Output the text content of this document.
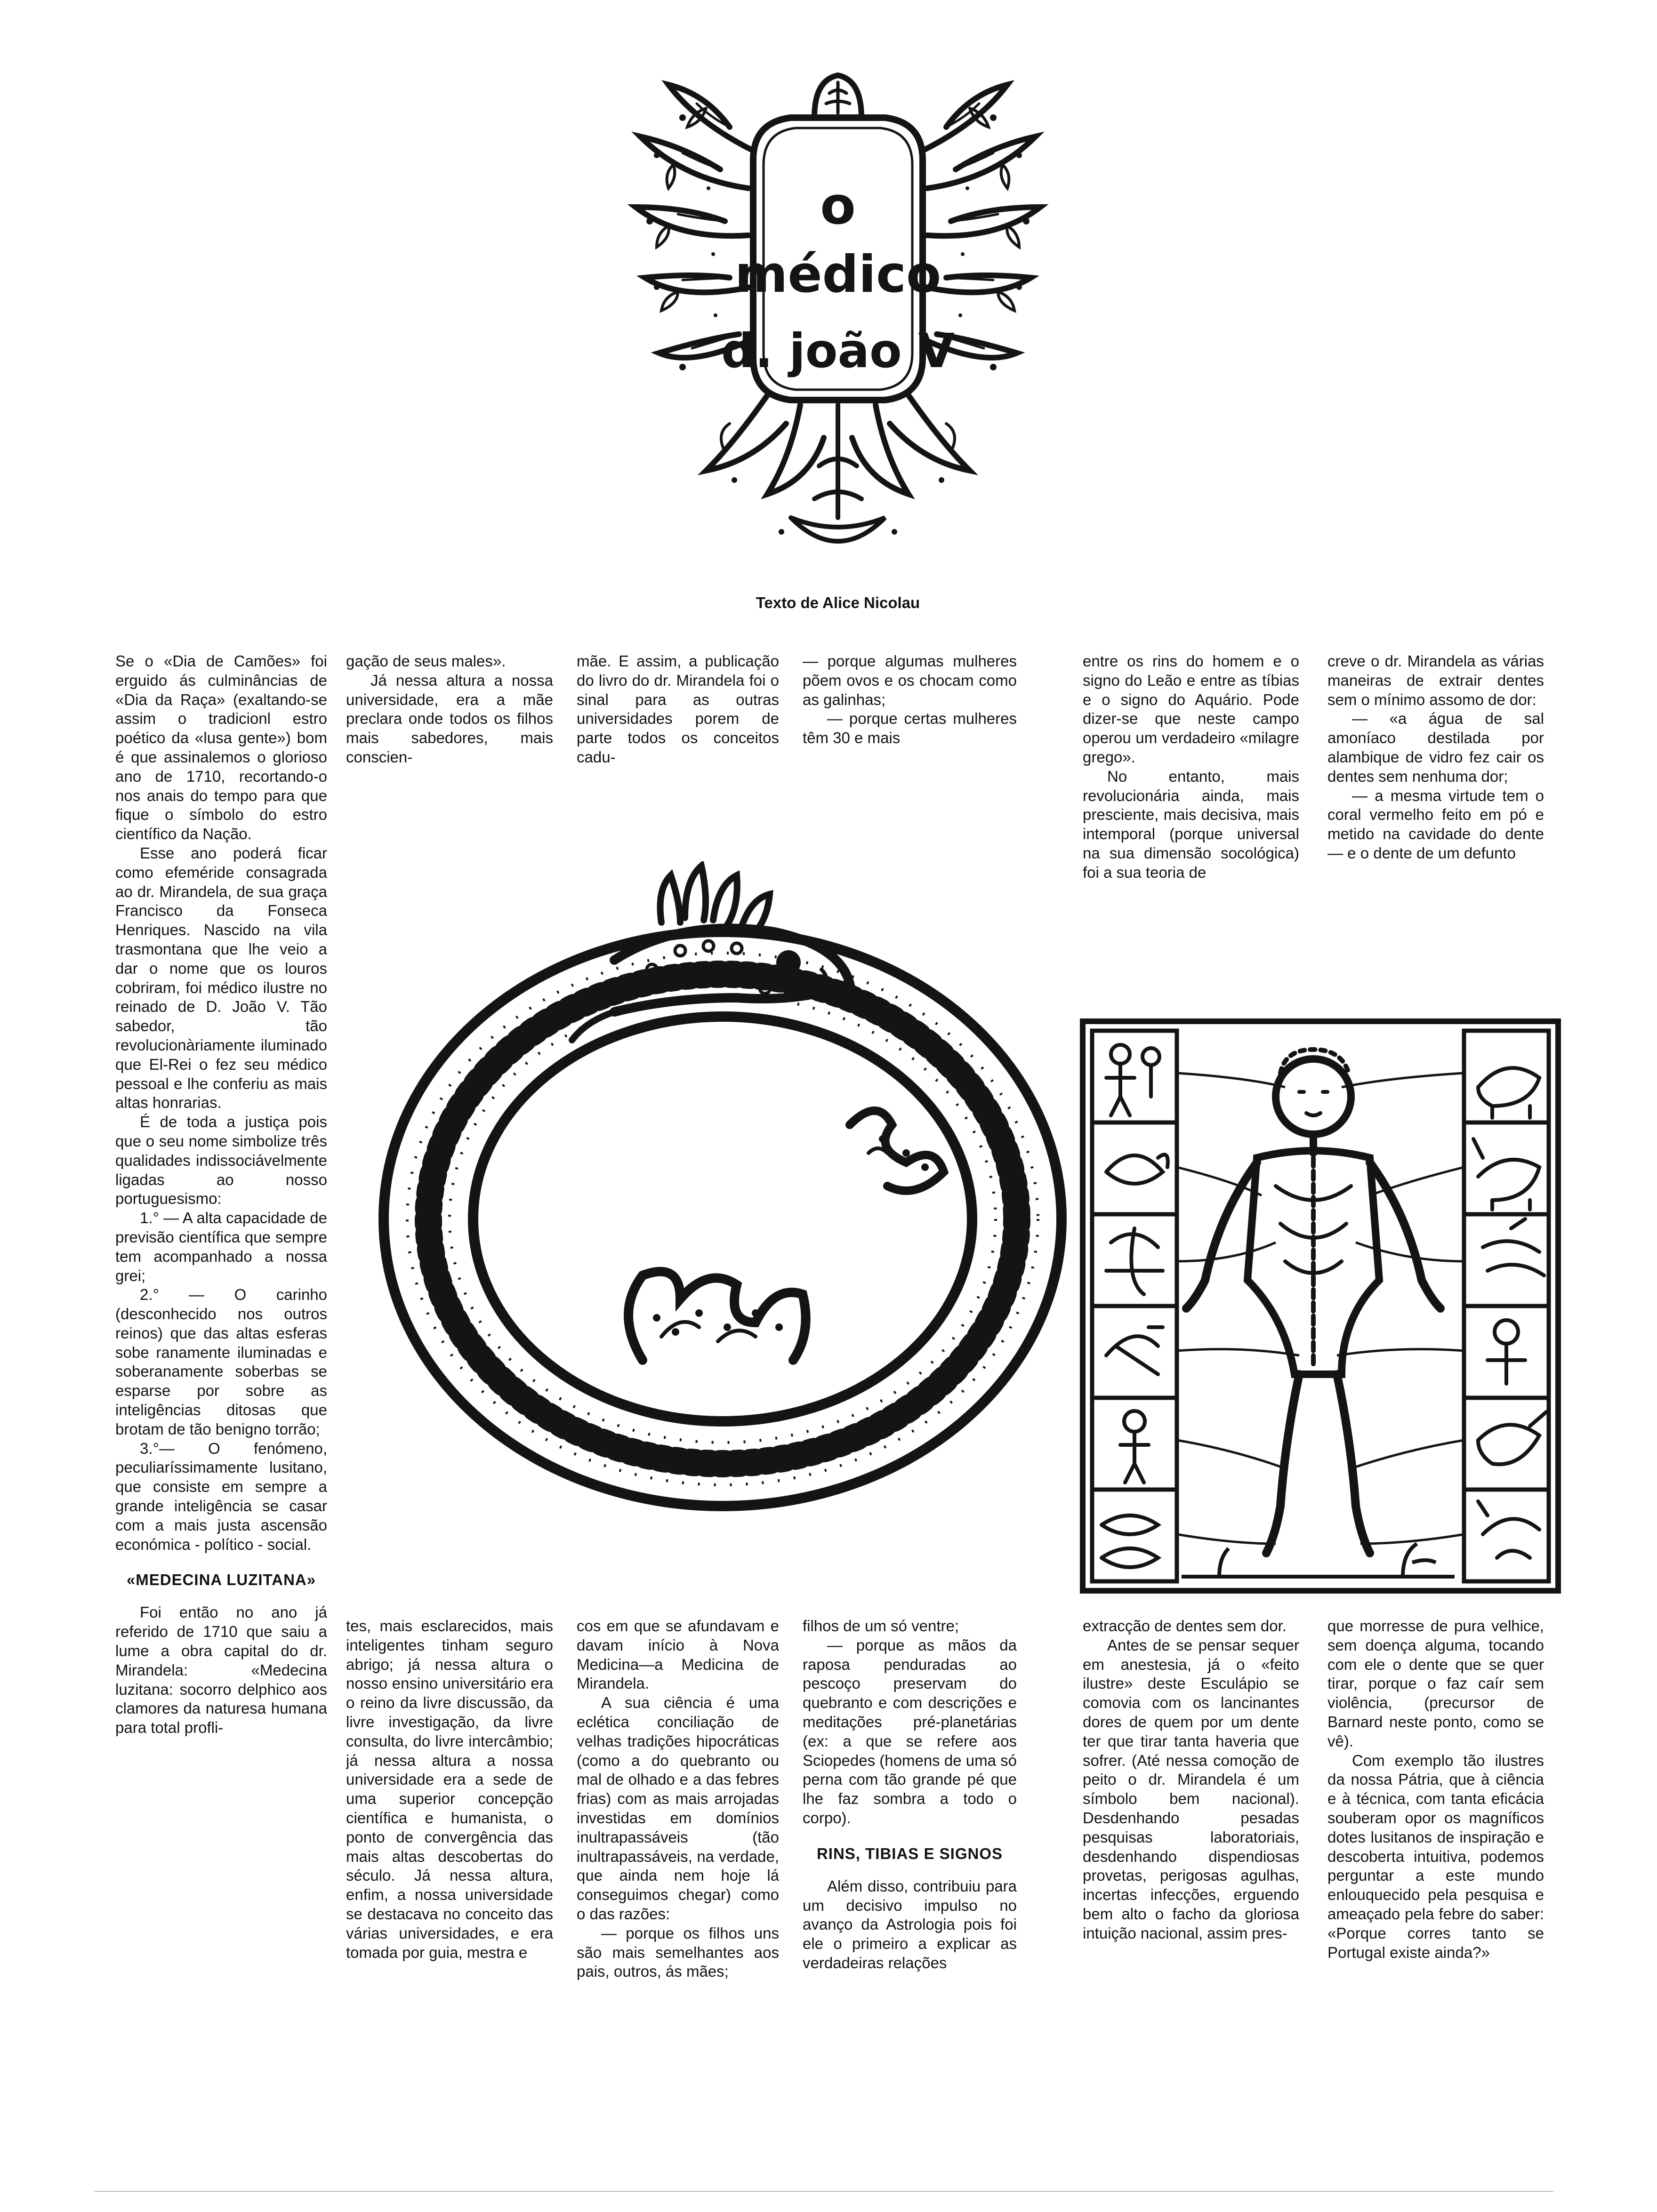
o
médico
d. joão V
Texto de Alice Nicolau

Se o «Dia de Camões» foi erguido ás culminâncias de «Dia da Raça» (exaltando-se assim o tradicionl estro poético da «lusa gente») bom é que assinalemos o glorioso ano de 1710, recortando-o nos anais do tempo para que fique o símbolo do estro científico da Nação.

Esse ano poderá ficar como efeméride consagrada ao dr. Mirandela, de sua graça Francisco da Fonseca Henriques. Nascido na vila trasmontana que lhe veio a dar o nome que os louros cobriram, foi médico ilustre no reinado de D. João V. Tão sabedor, tão revolucionàriamente iluminado que El-Rei o fez seu médico pessoal e lhe conferiu as mais altas honrarias.

É de toda a justiça pois que o seu nome simbolize três qualidades indissociávelmente ligadas ao nosso portuguesismo:

1.° — A alta capacidade de previsão científica que sempre tem acompanhado a nossa grei;

2.° — O carinho (desconhecido nos outros reinos) que das altas esferas sobe ranamente iluminadas e soberanamente soberbas se esparse por sobre as inteligências ditosas que brotam de tão benigno torrão;

3.°— O fenómeno, peculiaríssimamente lusitano, que consiste em sempre a grande inteligência se casar com a mais justa ascensão económica - político - social.

«MEDECINA LUZITANA»

Foi então no ano já referido de 1710 que saiu a lume a obra capital do dr. Mirandela: «Medecina luzitana: socorro delphico aos clamores da naturesa humana para total profli-

gação de seus males».

Já nessa altura a nossa universidade, era a mãe preclara onde todos os filhos mais sabedores, mais conscien-

tes, mais esclarecidos, mais inteligentes tinham seguro abrigo; já nessa altura o nosso ensino universitário era o reino da livre discussão, da livre investigação, da livre consulta, do livre intercâmbio; já nessa altura a nossa universidade era a sede de uma superior concepção científica e humanista, o ponto de convergência das mais altas descobertas do século. Já nessa altura, enfim, a nossa universidade se destacava no conceito das várias universidades, e era tomada por guia, mestra e

mãe. E assim, a publicação do livro do dr. Mirandela foi o sinal para as outras universidades porem de parte todos os conceitos cadu-

cos em que se afundavam e davam início à Nova Medicina—a Medicina de Mirandela.

A sua ciência é uma eclética conciliação de velhas tradições hipocráticas (como a do quebranto ou mal de olhado e a das febres frias) com as mais arrojadas investidas em domínios inultrapassáveis (tão inultrapassáveis, na verdade, que ainda nem hoje lá conseguimos chegar) como o das razões:

— porque os filhos uns são mais semelhantes aos pais, outros, ás mães;

— porque algumas mulheres põem ovos e os chocam como as galinhas;

— porque certas mulheres têm 30 e mais

filhos de um só ventre;

— porque as mãos da raposa penduradas ao pescoço preservam do quebranto e com descrições e meditações pré-planetárias (ex: a que se refere aos Sciopedes (homens de uma só perna com tão grande pé que lhe faz sombra a todo o corpo).

RINS, TIBIAS E SIGNOS

Além disso, contribuiu para um decisivo impulso no avanço da Astrologia pois foi ele o primeiro a explicar as verdadeiras relações

entre os rins do homem e o signo do Leão e entre as tíbias e o signo do Aquário. Pode dizer-se que neste campo operou um verdadeiro «milagre grego».

No entanto, mais revolucionária ainda, mais presciente, mais decisiva, mais intemporal (porque universal na sua dimensão socológica) foi a sua teoria de

extracção de dentes sem dor.

Antes de se pensar sequer em anestesia, já o «feito ilustre» deste Esculápio se comovia com os lancinantes dores de quem por um dente ter que tirar tanta haveria que sofrer. (Até nessa comoção de peito o dr. Mirandela é um símbolo bem nacional). Desdenhando pesadas pesquisas laboratoriais, desdenhando dispendiosas provetas, perigosas agulhas, incertas infecções, erguendo bem alto o facho da gloriosa intuição nacional, assim pres-

creve o dr. Mirandela as várias maneiras de extrair dentes sem o mínimo assomo de dor:

— «a água de sal amoníaco destilada por alambique de vidro fez cair os dentes sem nenhuma dor;

— a mesma virtude tem o coral vermelho feito em pó e metido na cavidade do dente — e o dente de um defunto

que morresse de pura velhice, sem doença alguma, tocando com ele o dente que se quer tirar, porque o faz caír sem violência, (precursor de Barnard neste ponto, como se vê).

Com exemplo tão ilustres da nossa Pátria, que à ciência e à técnica, com tanta eficácia souberam opor os magníficos dotes lusitanos de inspiração e descoberta intuitiva, podemos perguntar a este mundo enlouquecido pela pesquisa e ameaçado pela febre do saber: «Porque corres tanto se Portugal existe ainda?»
